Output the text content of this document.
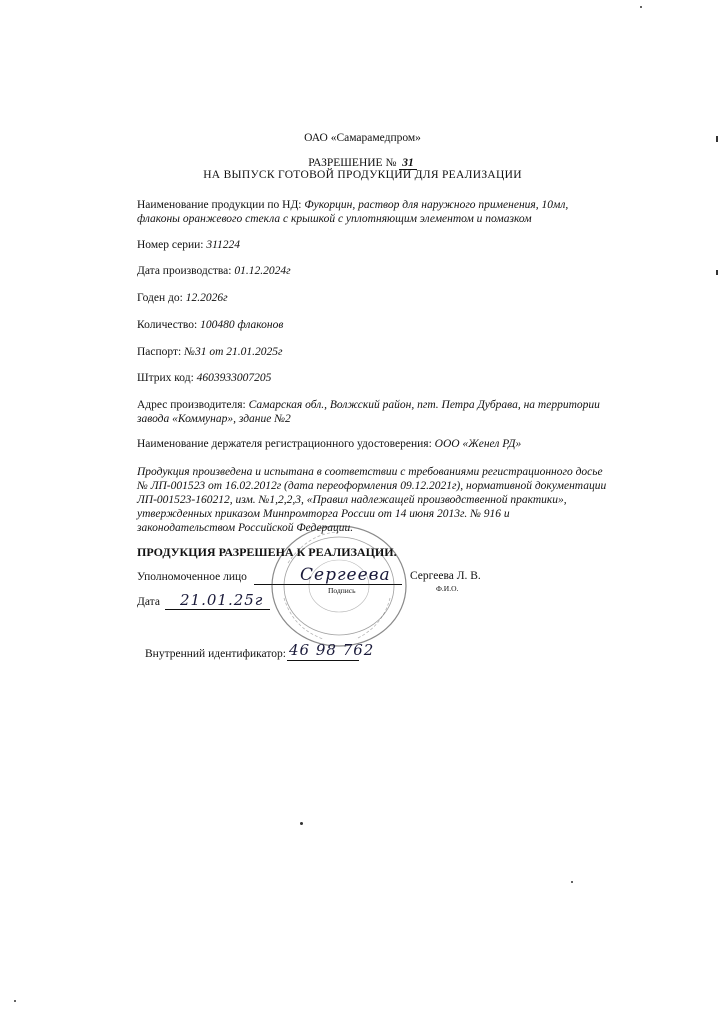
ОАО «Самарамедпром»
РАЗРЕШЕНИЕ № 31
НА ВЫПУСК ГОТОВОЙ ПРОДУКЦИИ ДЛЯ РЕАЛИЗАЦИИ
Наименование продукции по НД: Фукорцин, раствор для наружного применения, 10мл,
флаконы оранжевого стекла с крышкой с уплотняющим элементом и помазком
Номер серии: 311224
Дата производства: 01.12.2024г
Годен до: 12.2026г
Количество: 100480 флаконов
Паспорт: №31 от 21.01.2025г
Штрих код: 4603933007205
Адрес производителя: Самарская обл., Волжский район, пгт. Петра Дубрава, на территории
завода «Коммунар», здание №2
Наименование держателя регистрационного удостоверения: ООО «Женел РД»
Продукция произведена и испытана в соответствии с требованиями регистрационного досье
№ ЛП-001523 от 16.02.2012г (дата переоформления 09.12.2021г), нормативной документации
ЛП-001523-160212, изм. №1,2,2,3, «Правил надлежащей производственной практики»,
утвержденных приказом Минпромторга России от 14 июня 2013г. № 916 и
законодательством Российской Федерации.
ПРОДУКЦИЯ РАЗРЕШЕНА К РЕАЛИЗАЦИИ.
Уполномоченное лицо	Сергеева Сергеева Л. В.
Ф.И.О.
Дата 21.01.25г
Подпись
Внутренний идентификатор: 46 98 762
